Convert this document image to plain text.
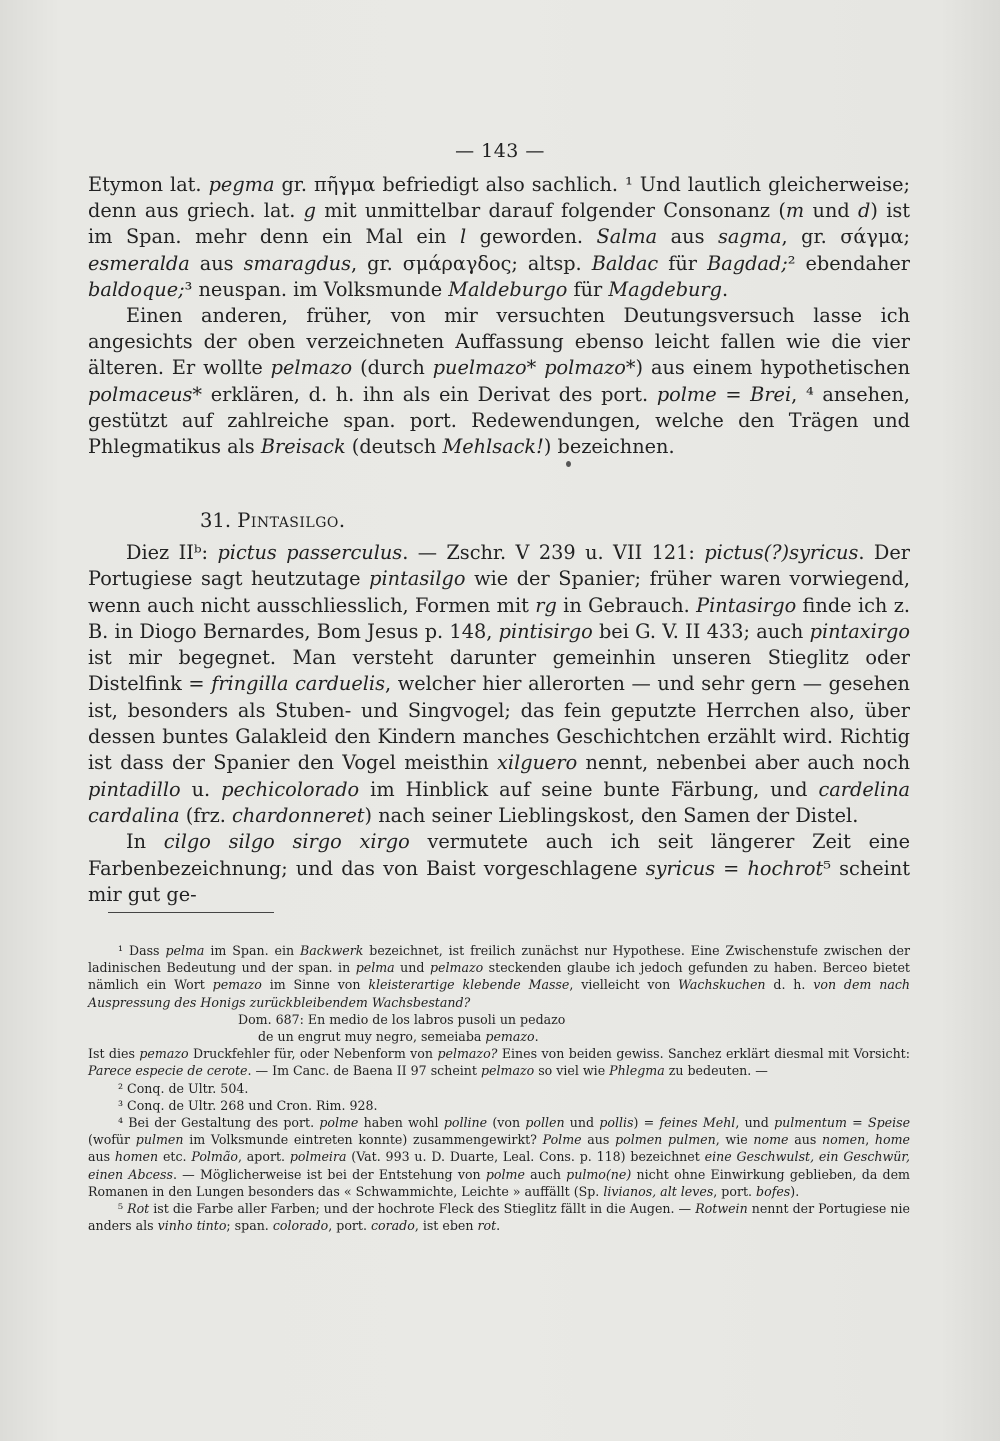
— 143 —

Etymon lat. pegma gr. πῆγμα befriedigt also sachlich. ¹ Und lautlich gleicherweise; denn aus griech. lat. g mit unmittelbar darauf folgender Consonanz (m und d) ist im Span. mehr denn ein Mal ein l geworden. Salma aus sagma, gr. σάγμα; esmeralda aus smaragdus, gr. σμάραγδος; altsp. Baldac für Bagdad;² ebendaher baldoque;³ neuspan. im Volksmunde Maldeburgo für Magdeburg.

Einen anderen, früher, von mir versuchten Deutungsversuch lasse ich angesichts der oben verzeichneten Auffassung ebenso leicht fallen wie die vier älteren. Er wollte pelmazo (durch puelmazo* polmazo*) aus einem hypothetischen polmaceus* erklären, d. h. ihn als ein Derivat des port. polme = Brei, ⁴ ansehen, gestützt auf zahlreiche span. port. Redewendungen, welche den Trägen und Phlegmatikus als Breisack (deutsch Mehlsack!) bezeichnen.

31. Pintasilgo.

Diez IIᵇ: pictus passerculus. — Zschr. V 239 u. VII 121: pictus(?)syricus. Der Portugiese sagt heutzutage pintasilgo wie der Spanier; früher waren vorwiegend, wenn auch nicht ausschliesslich, Formen mit rg in Gebrauch. Pintasirgo finde ich z. B. in Diogo Bernardes, Bom Jesus p. 148, pintisirgo bei G. V. II 433; auch pintaxirgo ist mir begegnet. Man versteht darunter gemeinhin unseren Stieglitz oder Distelfink = fringilla carduelis, welcher hier allerorten — und sehr gern — gesehen ist, besonders als Stuben- und Singvogel; das fein geputzte Herrchen also, über dessen buntes Galakleid den Kindern manches Geschichtchen erzählt wird. Richtig ist dass der Spanier den Vogel meisthin xilguero nennt, nebenbei aber auch noch pintadillo u. pechicolorado im Hinblick auf seine bunte Färbung, und cardelina cardalina (frz. chardonneret) nach seiner Lieblingskost, den Samen der Distel.

In cilgo silgo sirgo xirgo vermutete auch ich seit längerer Zeit eine Farbenbezeichnung; und das von Baist vorgeschlagene syricus = hochrot⁵ scheint mir gut ge-

¹ Dass pelma im Span. ein Backwerk bezeichnet, ist freilich zunächst nur Hypothese. Eine Zwischenstufe zwischen der ladinischen Bedeutung und der span. in pelma und pelmazo steckenden glaube ich jedoch gefunden zu haben. Berceo bietet nämlich ein Wort pemazo im Sinne von kleisterartige klebende Masse, vielleicht von Wachskuchen d. h. von dem nach Auspressung des Honigs zurückbleibendem Wachsbestand?

Dom. 687: En medio de los labros pusoli un pedazo

de un engrut muy negro, semeiaba pemazo.

Ist dies pemazo Druckfehler für, oder Nebenform von pelmazo? Eines von beiden gewiss. Sanchez erklärt diesmal mit Vorsicht: Parece especie de cerote. — Im Canc. de Baena II 97 scheint pelmazo so viel wie Phlegma zu bedeuten. —

² Conq. de Ultr. 504.

³ Conq. de Ultr. 268 und Cron. Rim. 928.

⁴ Bei der Gestaltung des port. polme haben wohl polline (von pollen und pollis) = feines Mehl, und pulmentum = Speise (wofür pulmen im Volksmunde eintreten konnte) zusammengewirkt? Polme aus polmen pulmen, wie nome aus nomen, home aus homen etc. Polmão, aport. polmeira (Vat. 993 u. D. Duarte, Leal. Cons. p. 118) bezeichnet eine Geschwulst, ein Geschwür, einen Abcess. — Möglicherweise ist bei der Entstehung von polme auch pulmo(ne) nicht ohne Einwirkung geblieben, da dem Romanen in den Lungen besonders das « Schwammichte, Leichte » auffällt (Sp. livianos, alt leves, port. bofes).

⁵ Rot ist die Farbe aller Farben; und der hochrote Fleck des Stieglitz fällt in die Augen. — Rotwein nennt der Portugiese nie anders als vinho tinto; span. colorado, port. corado, ist eben rot.
